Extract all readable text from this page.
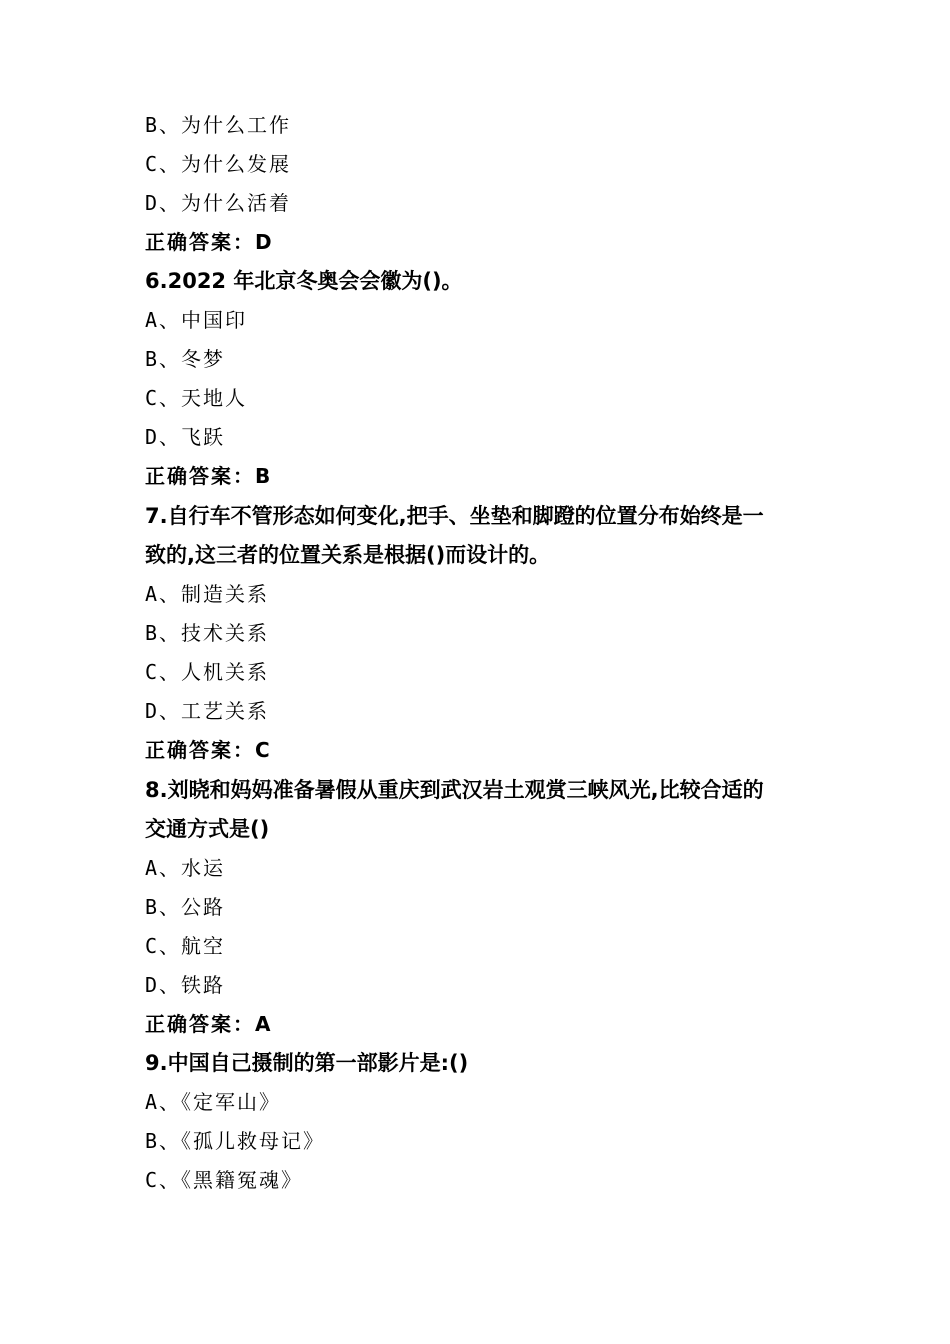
B、为什么工作
C、为什么发展
D、为什么活着
正确答案：D
6.2022 年北京冬奥会会徽为()。
A、中国印
B、冬梦
C、天地人
D、飞跃
正确答案：B
7.自行车不管形态如何变化,把手、坐垫和脚蹬的位置分布始终是一
致的,这三者的位置关系是根据()而设计的。
A、制造关系
B、技术关系
C、人机关系
D、工艺关系
正确答案：C
8.刘晓和妈妈准备暑假从重庆到武汉岩土观赏三峡风光,比较合适的
交通方式是()
A、水运
B、公路
C、航空
D、铁路
正确答案：A
9.中国自己摄制的第一部影片是:()
A、《定军山》
B、《孤儿救母记》
C、《黑籍冤魂》
